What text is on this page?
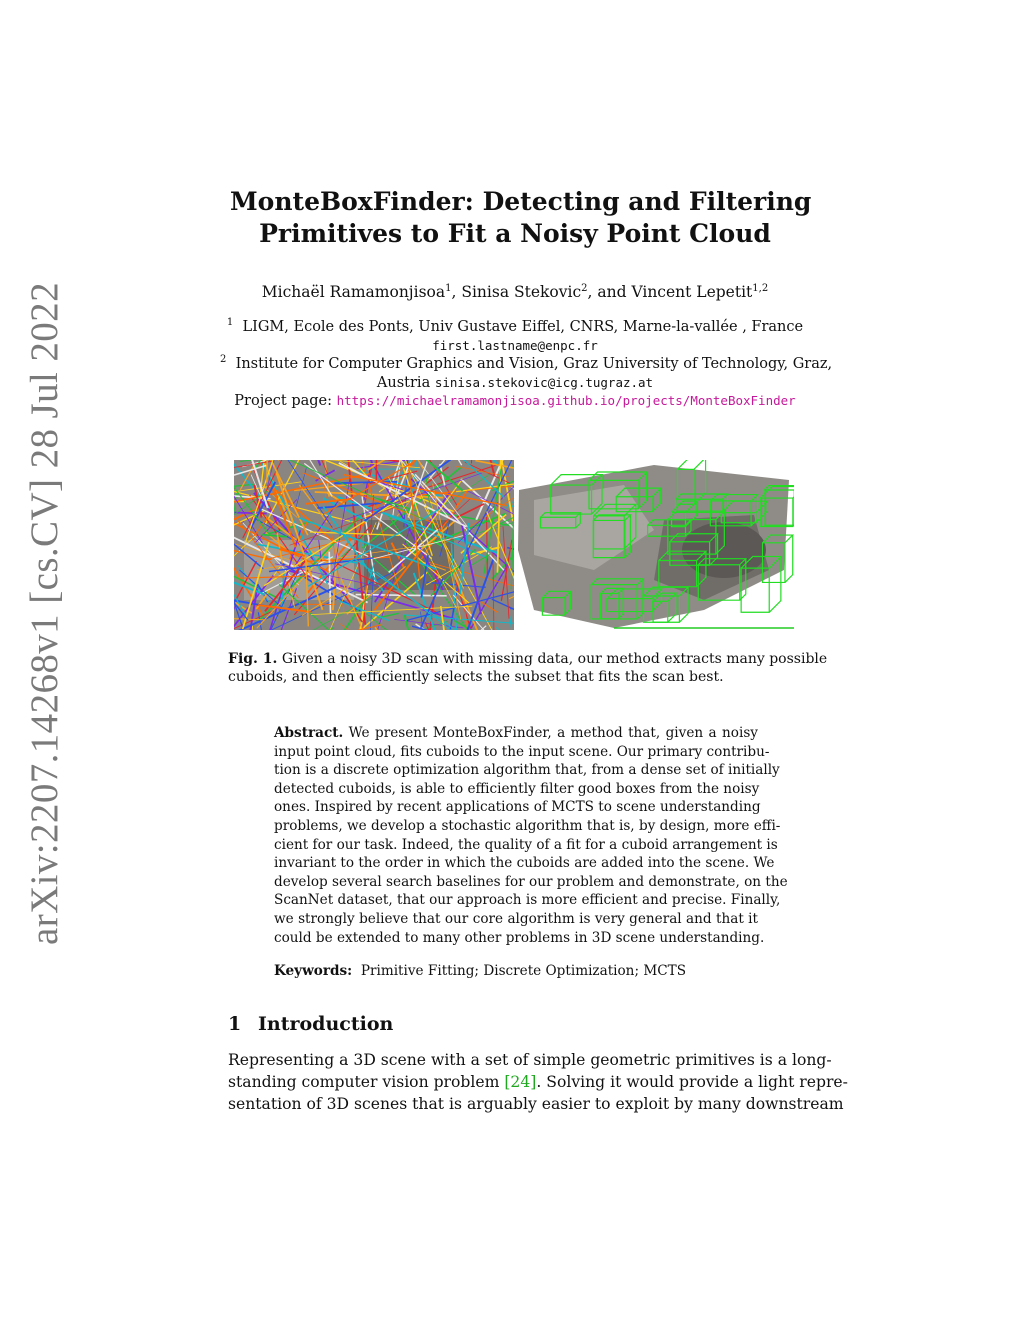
arXiv:2207.14268v1 [cs.CV] 28 Jul 2022
MonteBoxFinder: Detecting and Filtering
Primitives to Fit a Noisy Point Cloud
Michaël Ramamonjisoa$^1$, Sinisa Stekovic$^2$, and Vincent Lepetit$^{1,2}$
$^1$ LIGM, Ecole des Ponts, Univ Gustave Eiffel, CNRS, Marne-la-vallée , France
first.lastname@enpc.fr
$^2$ Institute for Computer Graphics and Vision, Graz University of Technology, Graz,
Austria sinisa.stekovic@icg.tugraz.at
Project page: https://michaelramamonjisoa.github.io/projects/MonteBoxFinder
Fig. 1. Given a noisy 3D scan with missing data, our method extracts many possible
cuboids, and then efficiently selects the subset that fits the scan best.
Abstract. We present MonteBoxFinder, a method that, given a noisy
input point cloud, fits cuboids to the input scene. Our primary contribu-
tion is a discrete optimization algorithm that, from a dense set of initially
detected cuboids, is able to efficiently filter good boxes from the noisy
ones. Inspired by recent applications of MCTS to scene understanding
problems, we develop a stochastic algorithm that is, by design, more effi-
cient for our task. Indeed, the quality of a fit for a cuboid arrangement is
invariant to the order in which the cuboids are added into the scene. We
develop several search baselines for our problem and demonstrate, on the
ScanNet dataset, that our approach is more efficient and precise. Finally,
we strongly believe that our core algorithm is very general and that it
could be extended to many other problems in 3D scene understanding.
Keywords: Primitive Fitting; Discrete Optimization; MCTS
1 Introduction
Representing a 3D scene with a set of simple geometric primitives is a long-
standing computer vision problem [24]. Solving it would provide a light repre-
sentation of 3D scenes that is arguably easier to exploit by many downstream
